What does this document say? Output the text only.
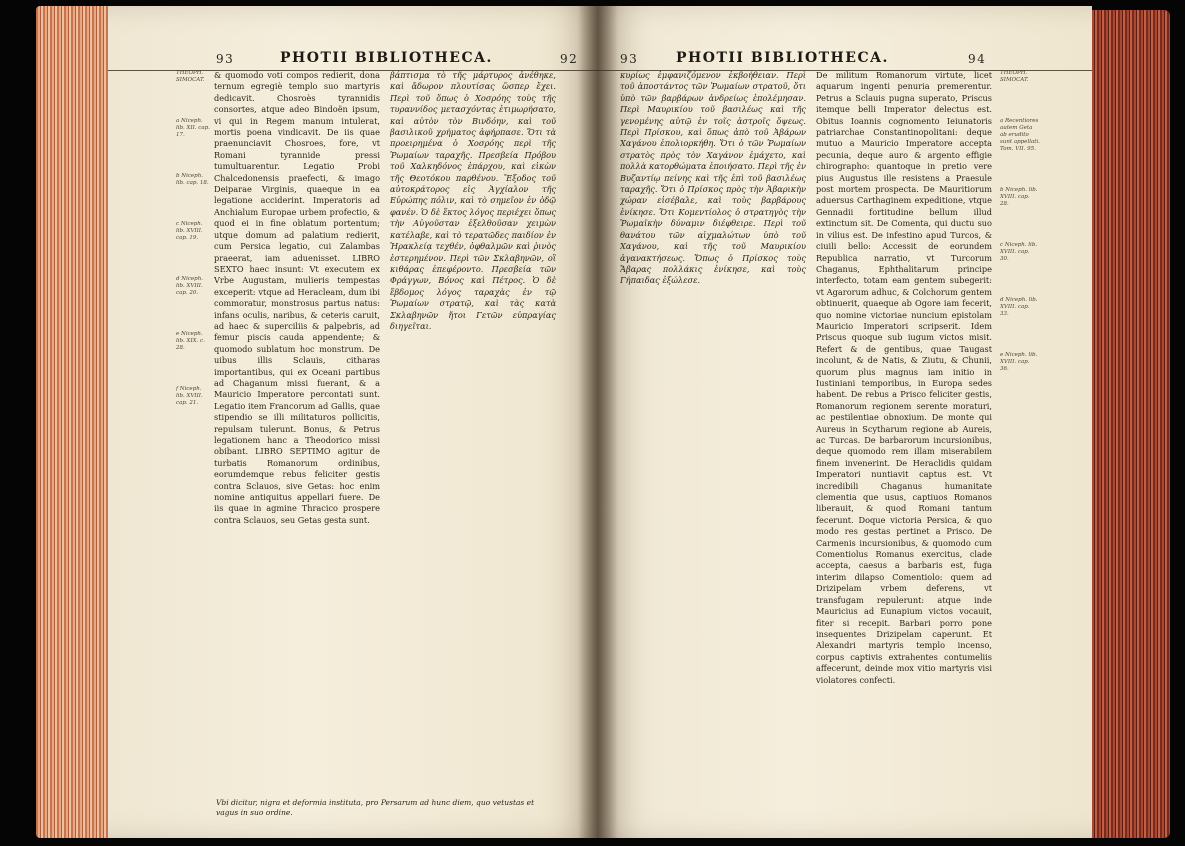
93	PHOTII BIBLIOTHECA.	92
THEOPH. SIMOCAT.
a Niceph. lib. XII. cap. 17.
b Niceph. lib. cap. 18.
c Niceph. lib. XVIII. cap. 19.
d Niceph. lib. XVIII. cap. 20.
e Niceph. lib. XIX. c. 28.
f Niceph. lib. XVIII. cap. 21.
& quomodo voti compos redierit, dona ternum egregiè templo suo martyris dedicavit. Chosroès tyrannidis consortes, atque adeo Bindoën ipsum, vi qui in Regem manum intulerat, mortis poena vindicavit. De iis quae praenunciavit Chosroes, fore, vt Romani tyrannide pressi tumultuarentur. Legatio Probi Chalcedonensis praefecti, & imago Deiparae Virginis, quaeque in ea legatione acciderint. Imperatoris ad Anchialum Europae urbem profectio, & quod ei in fine oblatum portentum; utque domum ad palatium redierit, cum Persica legatio, cui Zalambas praeerat, iam aduenisset. LIBRO SEXTO haec insunt: Vt executem ex Vrbe Augustam, mulieris tempestas exceperit: vtque ad Heracleam, dum ibi commoratur, monstrosus partus natus: infans oculis, naribus, & ceteris caruit, ad haec & superciliis & palpebris, ad femur piscis cauda appendente; & quomodo sublatum hoc monstrum. De uibus illis Sclauis, citharas importantibus, qui ex Oceani partibus ad Chaganum missi fuerant, & a Mauricio Imperatore percontati sunt. Legatio item Francorum ad Gallis, quae stipendio se illi militaturos pollicitis, repulsam tulerunt. Bonus, & Petrus legationem hanc a Theodorico missi obibant. LIBRO SEPTIMO agitur de turbatis Romanorum ordinibus, eorumdemque rebus feliciter gestis contra Sclauos, sive Getas: hoc enim nomine antiquitus appellari fuere. De iis quae in agmine Thracico prospere contra Sclauos, seu Getas gesta sunt.
βάπτισμα τὸ τῆς μάρτυρος ἀνέθηκε, καὶ ἄδωρον πλουτίσας ὥσπερ ἔχει. Περὶ τοῦ ὅπως ὁ Χοσρόης τοὺς τῆς τυραννίδος μετασχόντας ἐτιμωρήσατο, καὶ αὐτὸν τὸν Βινδόην, καὶ τοῦ βασιλικοῦ χρήματος ἀφήρπασε. Ὅτι τὰ προειρημένα ὁ Χοσρόης περὶ τῆς Ῥωμαίων ταραχῆς. Πρεσβεία Πρόβου τοῦ Χαλκηδόνος ἐπάρχου, καὶ εἰκὼν τῆς Θεοτόκου παρθένου. Ἔξοδος τοῦ αὐτοκράτορος εἰς Ἀγχίαλον τῆς Εὐρώπης πόλιν, καὶ τὸ σημεῖον ἐν ὁδῷ φανέν. Ὁ δὲ ἕκτος λόγος περιέχει ὅπως τὴν Αὐγοῦσταν ἐξελθοῦσαν χειμὼν κατέλαβε, καὶ τὸ τερατῶδες παιδίον ἐν Ἡρακλείᾳ τεχθέν, ὀφθαλμῶν καὶ ῥινὸς ἐστερημένον. Περὶ τῶν Σκλαβηνῶν, οἳ κιθάρας ἐπεφέροντο. Πρεσβεία τῶν Φράγγων, Βόνος καὶ Πέτρος. Ὁ δὲ ἕβδομος λόγος ταραχὰς ἐν τῷ Ῥωμαίων στρατῷ, καὶ τὰς κατὰ Σκλαβηνῶν ἤτοι Γετῶν εὐπραγίας διηγεῖται.
Vbi dicitur, nigra et deformia instituta, pro Persarum ad hunc diem, quo vetustas et vagus in suo ordine.
93	PHOTII BIBLIOTHECA.	94
κυρίως ἐμφανιζόμενον ἐκβοήθειαν. Περὶ τοῦ ἀποστάντος τῶν Ῥωμαίων στρατοῦ, ὅτι ὑπὸ τῶν βαρβάρων ἀνδρείως ἐπολέμησαν. Περὶ Μαυρικίου τοῦ βασιλέως καὶ τῆς γενομένης αὐτῷ ἐν τοῖς ἀστροῖς ὄψεως. Περὶ Πρίσκου, καὶ ὅπως ἀπὸ τοῦ Ἀβάρων Χαγάνου ἐπολιορκήθη. Ὅτι ὁ τῶν Ῥωμαίων στρατὸς πρὸς τὸν Χαγάνον ἐμάχετο, καὶ πολλὰ κατορθώματα ἐποιήσατο. Περὶ τῆς ἐν Βυζαντίῳ πείνης καὶ τῆς ἐπὶ τοῦ βασιλέως ταραχῆς. Ὅτι ὁ Πρίσκος πρὸς τὴν Ἀβαρικὴν χώραν εἰσέβαλε, καὶ τοὺς βαρβάρους ἐνίκησε. Ὅτι Κομεντίολος ὁ στρατηγὸς τὴν Ῥωμαϊκὴν δύναμιν διέφθειρε. Περὶ τοῦ θανάτου τῶν αἰχμαλώτων ὑπὸ τοῦ Χαγάνου, καὶ τῆς τοῦ Μαυρικίου ἀγανακτήσεως. Ὅπως ὁ Πρίσκος τοὺς Ἄβαρας πολλάκις ἐνίκησε, καὶ τοὺς Γήπαιδας ἐξώλεσε.
De militum Romanorum virtute, licet aquarum ingenti penuria premerentur. Petrus a Sclauis pugna superato, Priscus itemque belli Imperator delectus est. Obitus Ioannis cognomento Ieiunatoris patriarchae Constantinopolitani: deque mutuo a Mauricio Imperatore accepta pecunia, deque auro & argento effigie chirographo: quantoque in pretio vere pius Augustus ille resistens a Praesule post mortem prospecta. De Mauritiorum aduersus Carthaginem expeditione, vtque Gennadii fortitudine bellum illud extinctum sit. De Comenta, qui ductu suo in vilius est. De infestino apud Turcos, & ciuili bello: Accessit de eorundem Republica narratio, vt Turcorum Chaganus, Ephthalitarum principe interfecto, totam eam gentem subegerit: vt Agarorum adhuc, & Colchorum gentem obtinuerit, quaeque ab Ogore iam fecerit, quo nomine victoriae nuncium epistolam Mauricio Imperatori scripserit. Idem Priscus quoque sub iugum victos misit. Refert & de gentibus, quae Taugast incolunt, & de Natis, & Ziutu, & Chunii, quorum plus magnus iam initio in Iustiniani temporibus, in Europa sedes habent. De rebus a Prisco feliciter gestis, Romanorum regionem serente moraturi, ac pestilentiae obnoxium. De monte qui Aureus in Scytharum regione ab Aureis, ac Turcas. De barbarorum incursionibus, deque quomodo rem illam miserabilem finem invenerint. De Heraclidis quidam Imperatori nuntiavit captus est. Vt incredibili Chaganus humanitate clementia que usus, captiuos Romanos liberauit, & quod Romani tantum fecerunt. Doque victoria Persica, & quo modo res gestas pertinet a Prisco. De Carmenis incursionibus, & quomodo cum Comentiolus Romanus exercitus, clade accepta, caesus a barbaris est, fuga interim dilapso Comentiolo: quem ad Drizipelam vrbem deferens, vt transfugam repulerunt: atque inde Mauricius ad Eunapium victos vocauit, fiter si recepit. Barbari porro pone insequentes Drizipelam caperunt. Et Alexandri martyris templo incenso, corpus captivis extrahentes contumeliis affecerunt, deinde mox vitio martyris visi violatores confecti.
THEOPH. SIMOCAT.
a Recentiores autem Geta ab erudito sunt appellati. Tom. VII. 95.
b Niceph. lib. XVIII. cap. 28.
c Niceph. lib. XVIII. cap. 30.
d Niceph. lib. XVIII. cap. 33.
e Niceph. lib. XVIII. cap. 36.
